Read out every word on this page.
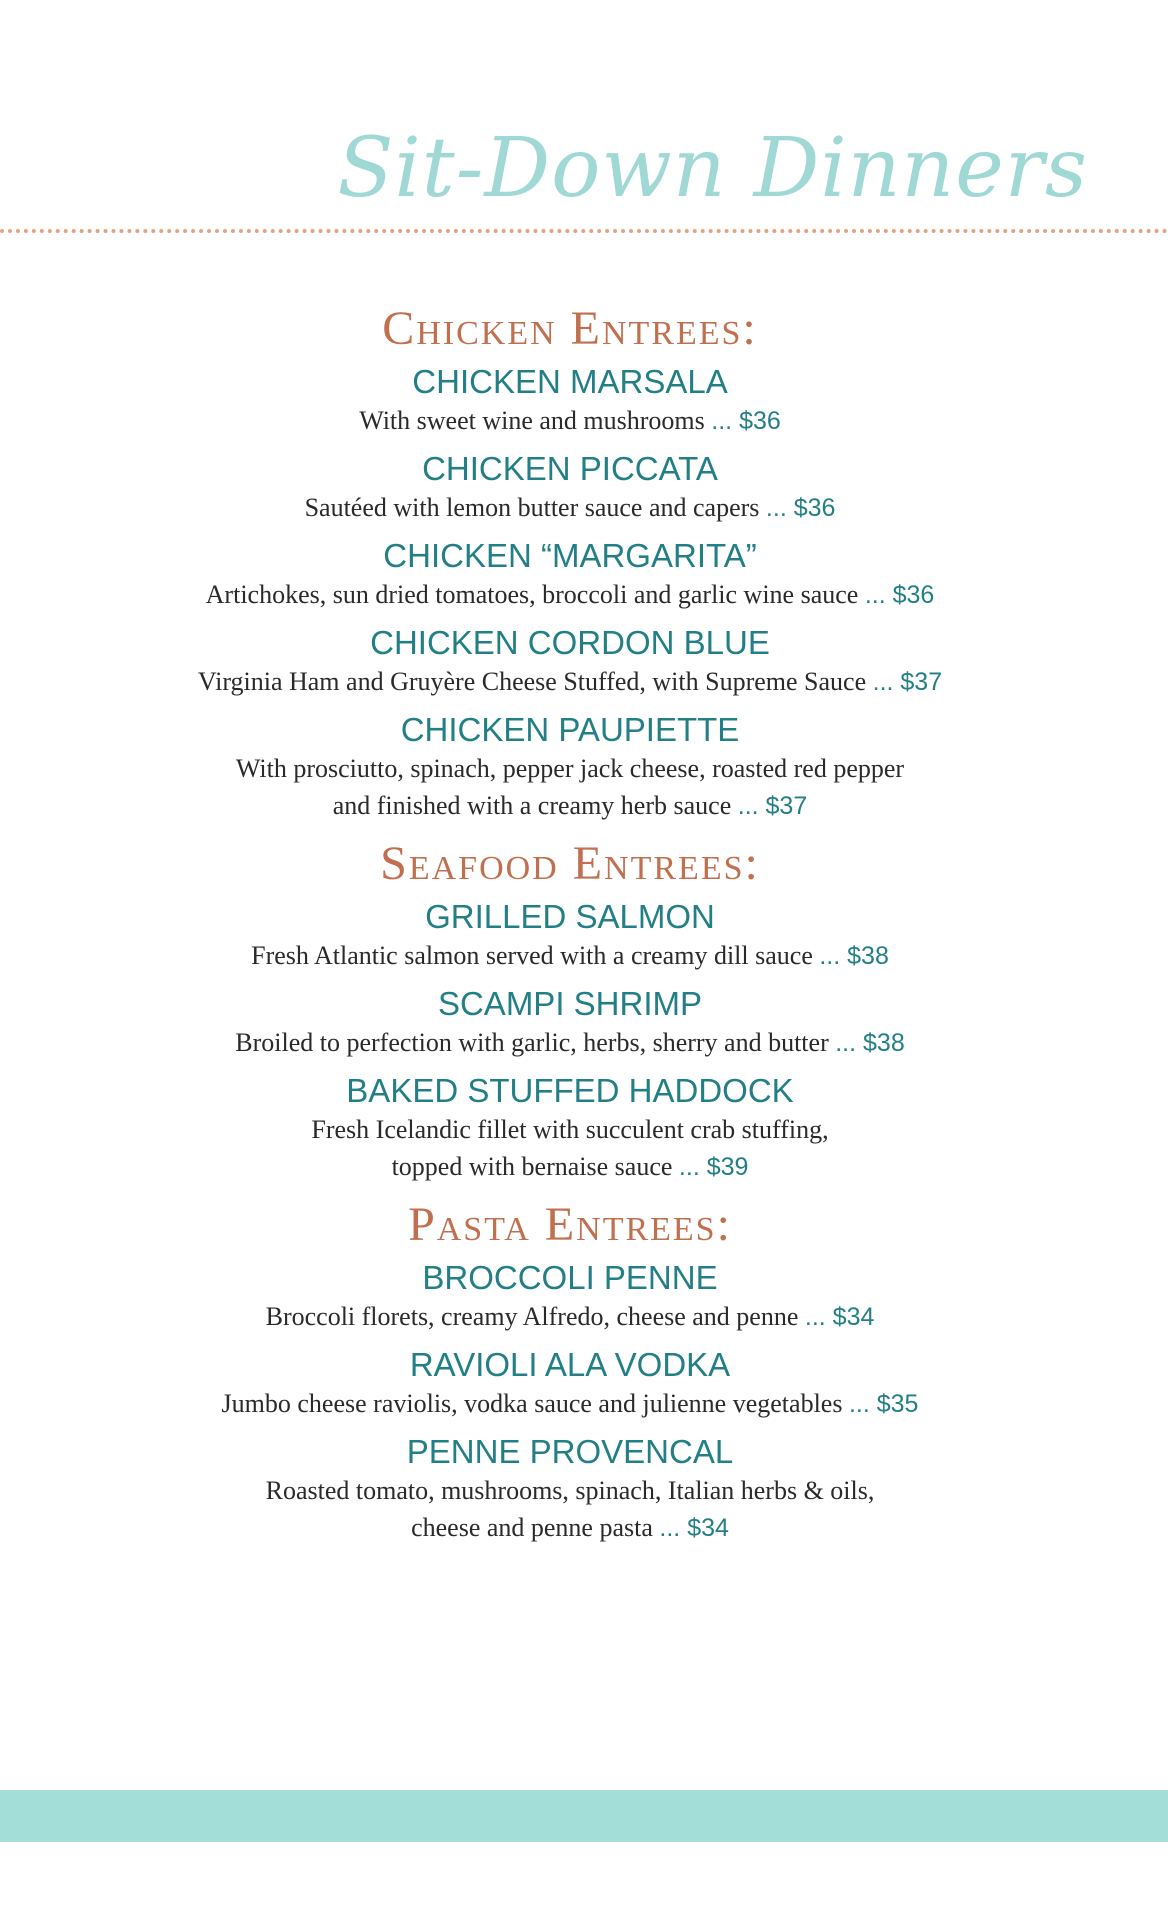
Sit-Down Dinners
Chicken Entrees:
CHICKEN MARSALA
With sweet wine and mushrooms ... $36
CHICKEN PICCATA
Sautéed with lemon butter sauce and capers ... $36
CHICKEN “MARGARITA”
Artichokes, sun dried tomatoes, broccoli and garlic wine sauce ... $36
CHICKEN CORDON BLUE
Virginia Ham and Gruyère Cheese Stuffed, with Supreme Sauce ... $37
CHICKEN PAUPIETTE
With prosciutto, spinach, pepper jack cheese, roasted red pepper
and finished with a creamy herb sauce ... $37
Seafood Entrees:
GRILLED SALMON
Fresh Atlantic salmon served with a creamy dill sauce ... $38
SCAMPI SHRIMP
Broiled to perfection with garlic, herbs, sherry and butter ... $38
BAKED STUFFED HADDOCK
Fresh Icelandic fillet with succulent crab stuffing,
topped with bernaise sauce ... $39
Pasta Entrees:
BROCCOLI PENNE
Broccoli florets, creamy Alfredo, cheese and penne ... $34
RAVIOLI ALA VODKA
Jumbo cheese raviolis, vodka sauce and julienne vegetables ... $35
PENNE PROVENCAL
Roasted tomato, mushrooms, spinach, Italian herbs & oils,
cheese and penne pasta ... $34
